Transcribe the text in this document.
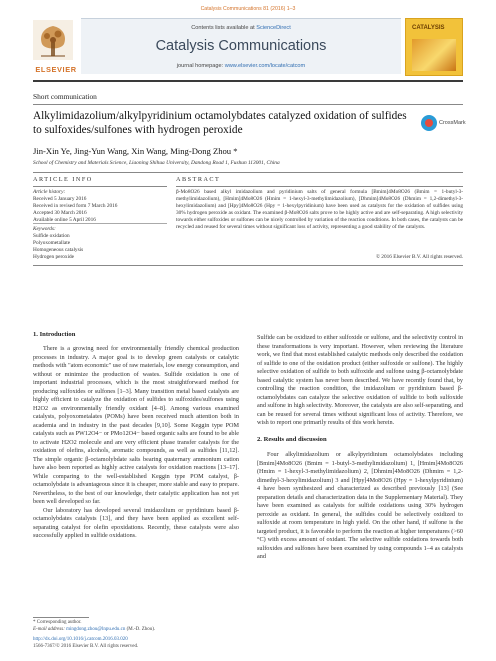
Catalysis Communications 81 (2016) 1–3
ELSEVIER
Contents lists available at ScienceDirect
Catalysis Communications
journal homepage: www.elsevier.com/locate/catcom
CATALYSIS
Short communication
Alkylimidazolium/alkylpyridinium octamolybdates catalyzed oxidation of sulfides to sulfoxides/sulfones with hydrogen peroxide
CrossMark
Jin-Xin Ye, Jing-Yun Wang, Xin Wang, Ming-Dong Zhou *
School of Chemistry and Materials Science, Liaoning Shihua University, Dandong Road 1, Fushun 113001, China
ARTICLE INFO	ABSTRACT
Article history:
Received 5 January 2016
Received in revised form 7 March 2016
Accepted 30 March 2016
Available online 5 April 2016
Keywords:
Sulfide oxidation
Polyoxometallate
Homogeneous catalysis
Hydrogen peroxide
β-Mo8O26 based alkyl imidazolium and pyridinium salts of general formula [Bmim]4Mo8O26 (Bmim = 1-butyl-3-methylimidazolium), [Hmim]4Mo8O26 (Hmim = 1-hexyl-3-methylimidazolium), [Dhmim]4Mo8O26 (Dhmim = 1,2-dimethyl-3-hexylimidazolium) and [Hpy]4Mo8O26 (Hpy = 1-hexylpyridinium) have been used as catalysts for the oxidation of sulfides using 30% hydrogen peroxide as oxidant. The examined β-Mo8O26 salts prove to be highly active and are self-separating. A high selectivity towards either sulfoxides or sulfones can be nicely controlled by variation of the reaction conditions. In both cases, the catalysts can be recycled and reused for several times without significant loss of activity, representing a good stability of the catalysts.
© 2016 Elsevier B.V. All rights reserved.
1. Introduction

There is a growing need for environmentally friendly chemical production processes in industry. A major goal is to develop green catalysts or catalytic methods with "atom economic" use of raw materials, low energy consumption, and without or minimize the production of wastes. Sulfide oxidation is one of important industrial processes, which is the most straightforward method for producing sulfoxides or sulfones [1–3]. Many transition metal based catalysts are highly efficient to catalyze the oxidation of sulfides to sulfoxides/sulfones using H2O2 as environmentally friendly oxidant [4–8]. Among various examined catalysts, polyoxometalates (POMs) have been received much attention both in academia and in industry in the past decades [9,10]. Some Keggin type POM catalysts such as PW12O4− or PMo12O4− based organic salts are found to be able to activate H2O2 molecule and are very efficient phase transfer catalysts for the oxidation of olefins, alcohols, aromatic compounds, as well as sulfides [11,12]. The simple organic β-octamolybdate salts bearing quaternary ammonium cation have also been reported as highly active catalysts for oxidation reactions [13–17]. While comparing to the well-established Keggin type POM catalyst, β-octamolybdate is advantageous since it is cheaper, more stable and easy to prepare. Nevertheless, to the best of our knowledge, their catalytic application has not yet been well developed so far.

Our laboratory has developed several imidazolium or pyridinium based β-octamolybdates catalysts [13], and they have been applied as excellent self-separating catalyst for olefin epoxidations. Recently, these catalysts were also successfully applied in sulfide oxidations.

Sulfide can be oxidized to either sulfoxide or sulfone, and the selectivity control in these transformations is very important. However, when reviewing the literature work, we find that most established catalytic methods only described the oxidation of sulfide to one of the oxidation product (either sulfoxide or sulfone). The highly selective oxidation of sulfide to both sulfoxide and sulfone using β-octamolybdate based catalytic system has never been described. We have recently found that, by controlling the reaction condition, the imidazolium or pyridinium based β-octamolybdates can catalyze the selective oxidation of sulfide to both sulfoxide and sulfone in high selectivity. Moreover, the catalysts are also self-separating, and can be reused for several times without significant loss of activity. Therefore, we wish to report one primarily results of this work herein.

2. Results and discussion

Four alkylimidazolium or alkylpyridinium octamolybdates including [Bmim]4Mo8O26 (Bmim = 1-butyl-3-methylimidazolium) 1, [Hmim]4Mo8O26 (Hmim = 1-hexyl-3-methylimidazolium) 2, [Dhmim]4Mo8O26 (Dhmim = 1,2-dimethyl-3-hexylimidazolium) 3 and [Hpy]4Mo8O26 (Hpy = 1-hexylpyridinium) 4 have been synthesized and characterized as described previously [13] (See preparation details and characterization data in the Supplementary Material). They have been examined as catalysts for sulfide oxidations using 30% hydrogen peroxide as oxidant. In general, the sulfides could be selectively oxidized to sulfoxide at room temperature in high yield. On the other hand, if sulfone is the targeted product, it is favorable to perform the reaction at higher temperatures (>60 °C) with excess amount of oxidant. The selective sulfide oxidations towards both sulfoxides and sulfones have been examined by using compounds 1–4 as catalysts and

* Corresponding author.
E-mail address: mingdong.zhou@lnpu.edu.cn (M.-D. Zhou).
http://dx.doi.org/10.1016/j.catcom.2016.03.020
1566-7367/© 2016 Elsevier B.V. All rights reserved.
